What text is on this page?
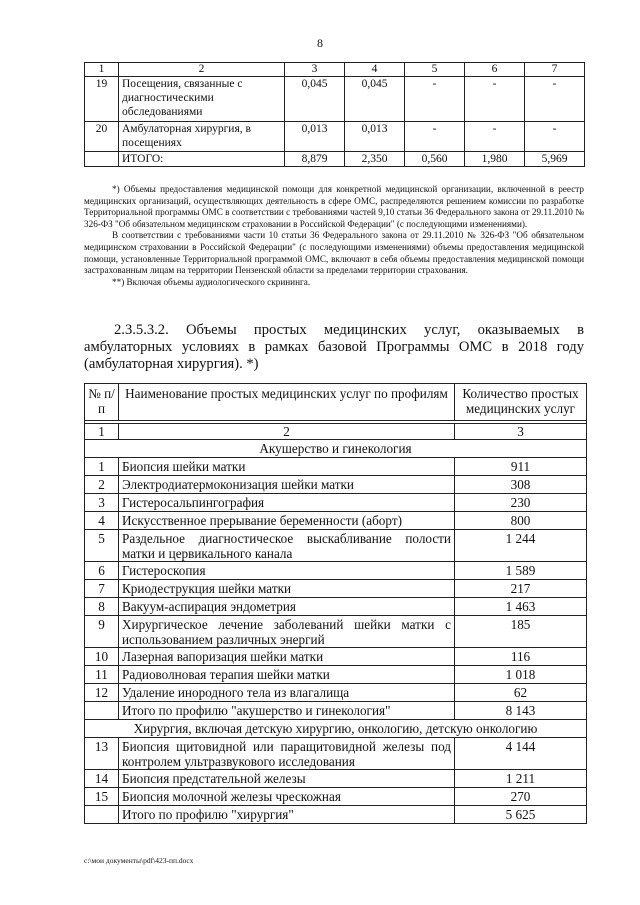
8
1	2	3	4	5	6	7
19	Посещения, связанные с диагностическими обследованиями	0,045	0,045	-	-	-
20	Амбулаторная хирургия, в посещениях	0,013	0,013	-	-	-
	ИТОГО:	8,879	2,350	0,560	1,980	5,969

*) Объемы предоставления медицинской помощи для конкретной медицинской организации, включенной в реестр медицинских организаций, осуществляющих деятельность в сфере ОМС, распределяются решением комиссии по разработке Территориальной программы ОМС в соответствии с требованиями частей 9,10 статьи 36 Федерального закона от 29.11.2010 № 326-ФЗ "Об обязательном медицинском страховании в Российской Федерации" (с последующими изменениями).

В соответствии с требованиями части 10 статьи 36 Федерального закона от 29.11.2010 № 326-ФЗ "Об обязательном медицинском страховании в Российской Федерации" (с последующими изменениями) объемы предоставления медицинской помощи, установленные Территориальной программой ОМС, включают в себя объемы предоставления медицинской помощи застрахованным лицам на территории Пензенской области за пределами территории страхования.

**) Включая объемы аудиологического скрининга.

2.3.5.3.2. Объемы простых медицинских услуг, оказываемых в амбулаторных условиях в рамках базовой Программы ОМС в 2018 году (амбулаторная хирургия). *)

№ п/п	Наименование простых медицинских услуг по профилям	Количество простых медицинских услуг

1	2	3
Акушерство и гинекология		
1	Биопсия шейки матки	911
2	Электродиатермоконизация шейки матки	308
3	Гистеросальпингография	230
4	Искусственное прерывание беременности (аборт)	800
5	Раздельное диагностическое выскабливание полости матки и цервикального канала	1 244
6	Гистероскопия	1 589
7	Криодеструкция шейки матки	217
8	Вакуум-аспирация эндометрия	1 463
9	Хирургическое лечение заболеваний шейки матки с использованием различных энергий	185
10	Лазерная вапоризация шейки матки	116
11	Радиоволновая терапия шейки матки	1 018
12	Удаление инородного тела из влагалища	62
	Итого по профилю "акушерство и гинекология"	8 143
Хирургия, включая детскую хирургию, онкологию, детскую онкологию		
13	Биопсия щитовидной или паращитовидной железы под контролем ультразвукового исследования	4 144
14	Биопсия предстательной железы	1 211
15	Биопсия молочной железы чрескожная	270
	Итого по профилю "хирургия"	5 625
c:\мои документы\pdf\423-пп.docx
